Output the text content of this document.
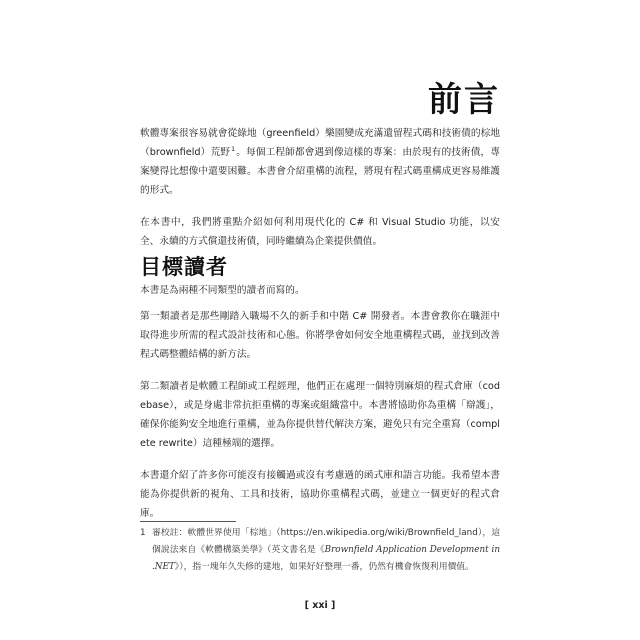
前言

軟體專案很容易就會從綠地（greenfield）樂園變成充滿遺留程式碼和技術債的棕地（brownfield）荒野$^1$。每個工程師都會遇到像這樣的專案：由於現有的技術債，專案變得比想像中還要困難。本書會介紹重構的流程，將現有程式碼重構成更容易維護的形式。

在本書中，我們將重點介紹如何利用現代化的 C# 和 Visual Studio 功能，以安全、永續的方式償還技術債，同時繼續為企業提供價值。

目標讀者

本書是為兩種不同類型的讀者而寫的。

第一類讀者是那些剛踏入職場不久的新手和中階 C# 開發者。本書會教你在職涯中取得進步所需的程式設計技術和心態。你將學會如何安全地重構程式碼，並找到改善程式碼整體結構的新方法。

第二類讀者是軟體工程師或工程經理，他們正在處理一個特別麻煩的程式倉庫（codebase），或是身處非常抗拒重構的專案或組織當中。本書將協助你為重構「辯護」，確保你能夠安全地進行重構，並為你提供替代解決方案，避免只有完全重寫（complete rewrite）這種極端的選擇。

本書還介紹了許多你可能沒有接觸過或沒有考慮過的函式庫和語言功能。我希望本書能為你提供新的視角、工具和技術，協助你重構程式碼，並建立一個更好的程式倉庫。

1 審校註：軟體世界使用「棕地」（https://en.wikipedia.org/wiki/Brownfield_land），這個說法來自《軟體構築美學》（英文書名是《Brownfield Application Development in .NET》），指一塊年久失修的建地，如果好好整理一番，仍然有機會恢復利用價值。
[ xxi ]
